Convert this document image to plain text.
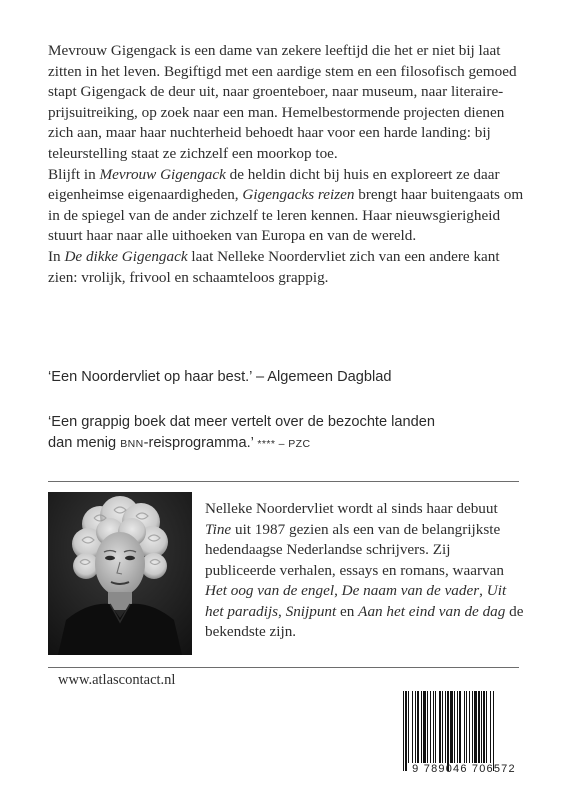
Mevrouw Gigengack is een dame van zekere leeftijd die het er niet bij laat zitten in het leven. Begiftigd met een aardige stem en een filosofisch gemoed stapt Gigengack de deur uit, naar groenteboer, naar museum, naar literaire-prijsuitreiking, op zoek naar een man. Hemelbestormende projecten dienen zich aan, maar haar nuchterheid behoedt haar voor een harde landing: bij teleurstelling staat ze zichzelf een moorkop toe.

Blijft in Mevrouw Gigengack de heldin dicht bij huis en exploreert ze daar eigenheimse eigenaardigheden, Gigengacks reizen brengt haar buitengaats om in de spiegel van de ander zichzelf te leren kennen. Haar nieuwsgierigheid stuurt haar naar alle uithoeken van Europa en van de wereld.

In De dikke Gigengack laat Nelleke Noordervliet zich van een andere kant zien: vrolijk, frivool en schaamteloos grappig.

‘Een Noordervliet op haar best.’ – Algemeen Dagblad
‘Een grappig boek dat meer vertelt over de bezochte landen
dan menig BNN-reisprogramma.’ **** – PZC
Nelleke Noordervliet wordt al sinds haar debuut Tine uit 1987 gezien als een van de belangrijkste hedendaagse Nederlandse schrijvers. Zij publiceerde verhalen, essays en romans, waarvan Het oog van de engel, De naam van de vader, Uit het paradijs, Snijpunt en Aan het eind van de dag de bekendste zijn.
www.atlascontact.nl
9 789046 706572
